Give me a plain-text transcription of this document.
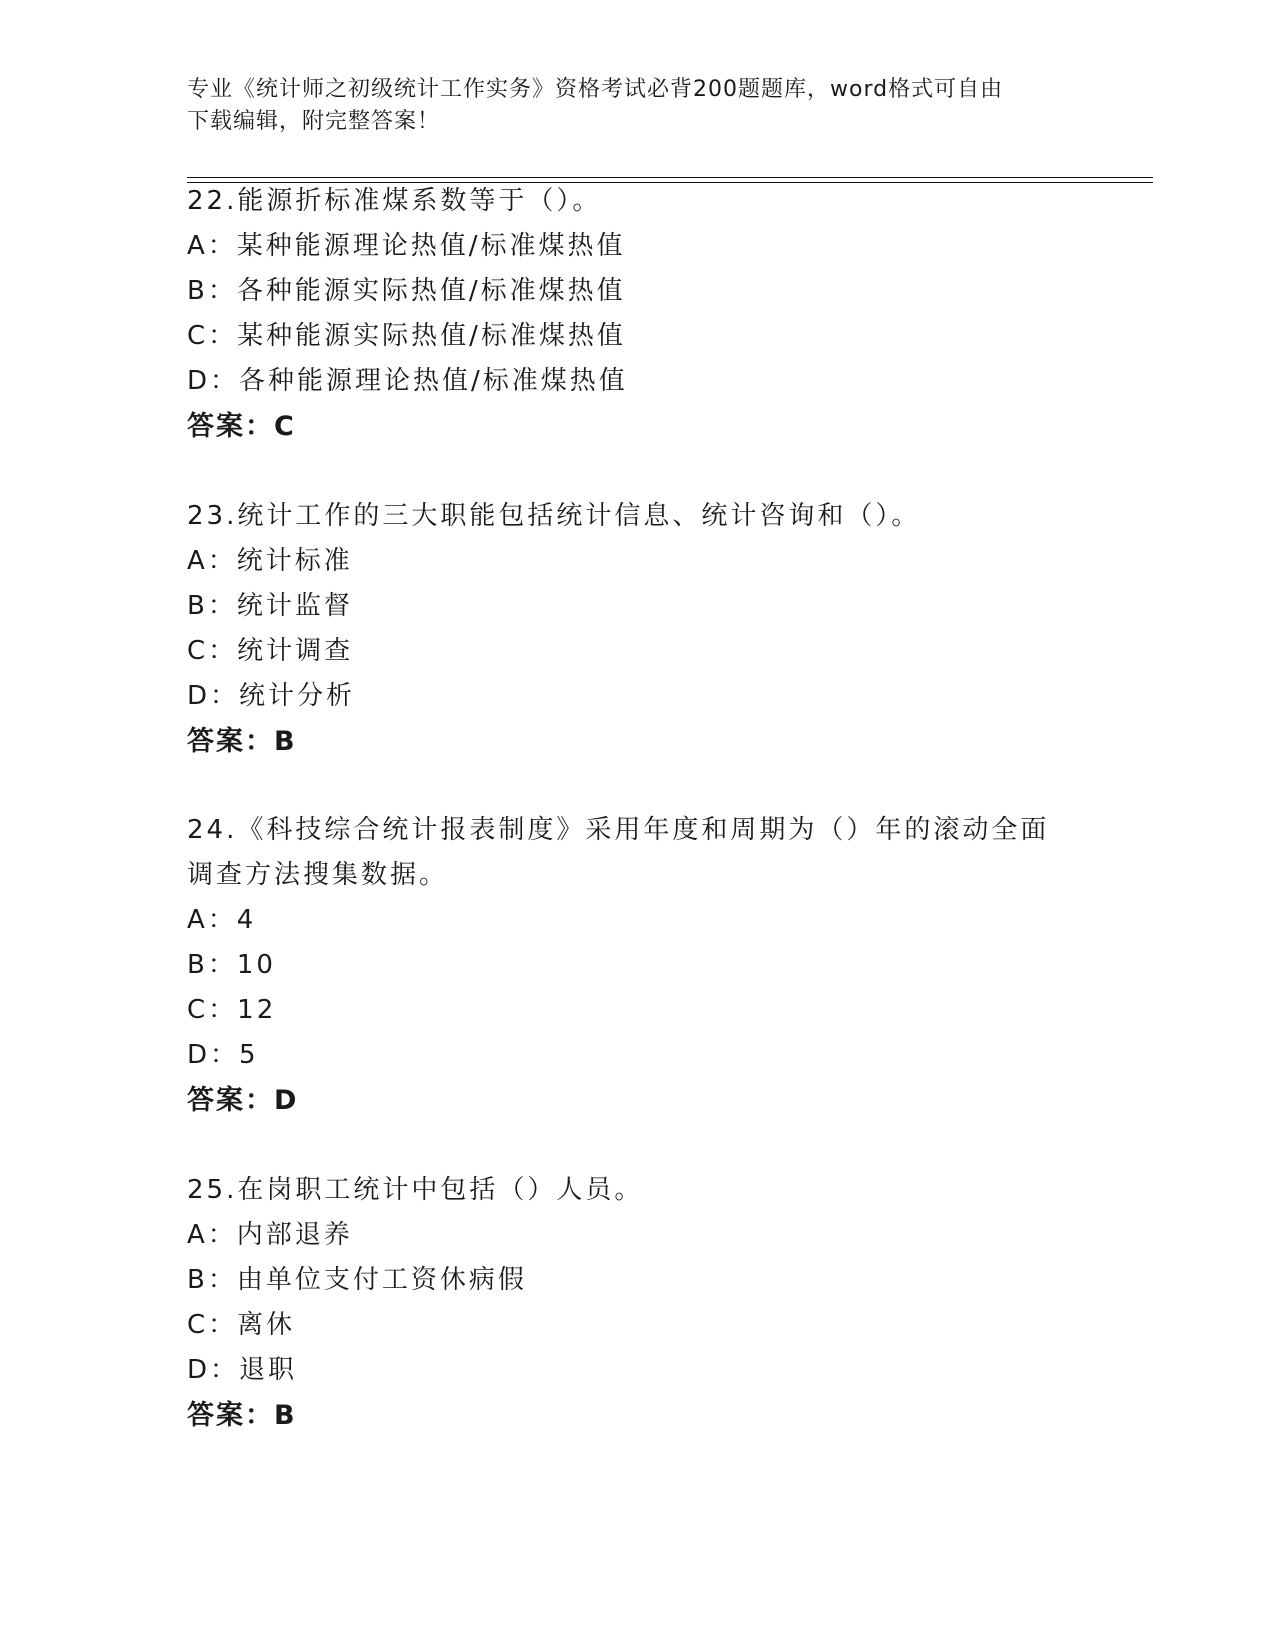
专业《统计师之初级统计工作实务》资格考试必背200题题库，word格式可自由
下载编辑，附完整答案！
22.能源折标准煤系数等于（）。
A：某种能源理论热值/标准煤热值
B：各种能源实际热值/标准煤热值
C：某种能源实际热值/标准煤热值
D：各种能源理论热值/标准煤热值
答案：C
23.统计工作的三大职能包括统计信息、统计咨询和（）。
A：统计标准
B：统计监督
C：统计调查
D：统计分析
答案：B
24.《科技综合统计报表制度》采用年度和周期为（）年的滚动全面调查方法搜集数据。
A：4
B：10
C：12
D：5
答案：D
25.在岗职工统计中包括（）人员。
A：内部退养
B：由单位支付工资休病假
C：离休
D：退职
答案：B
